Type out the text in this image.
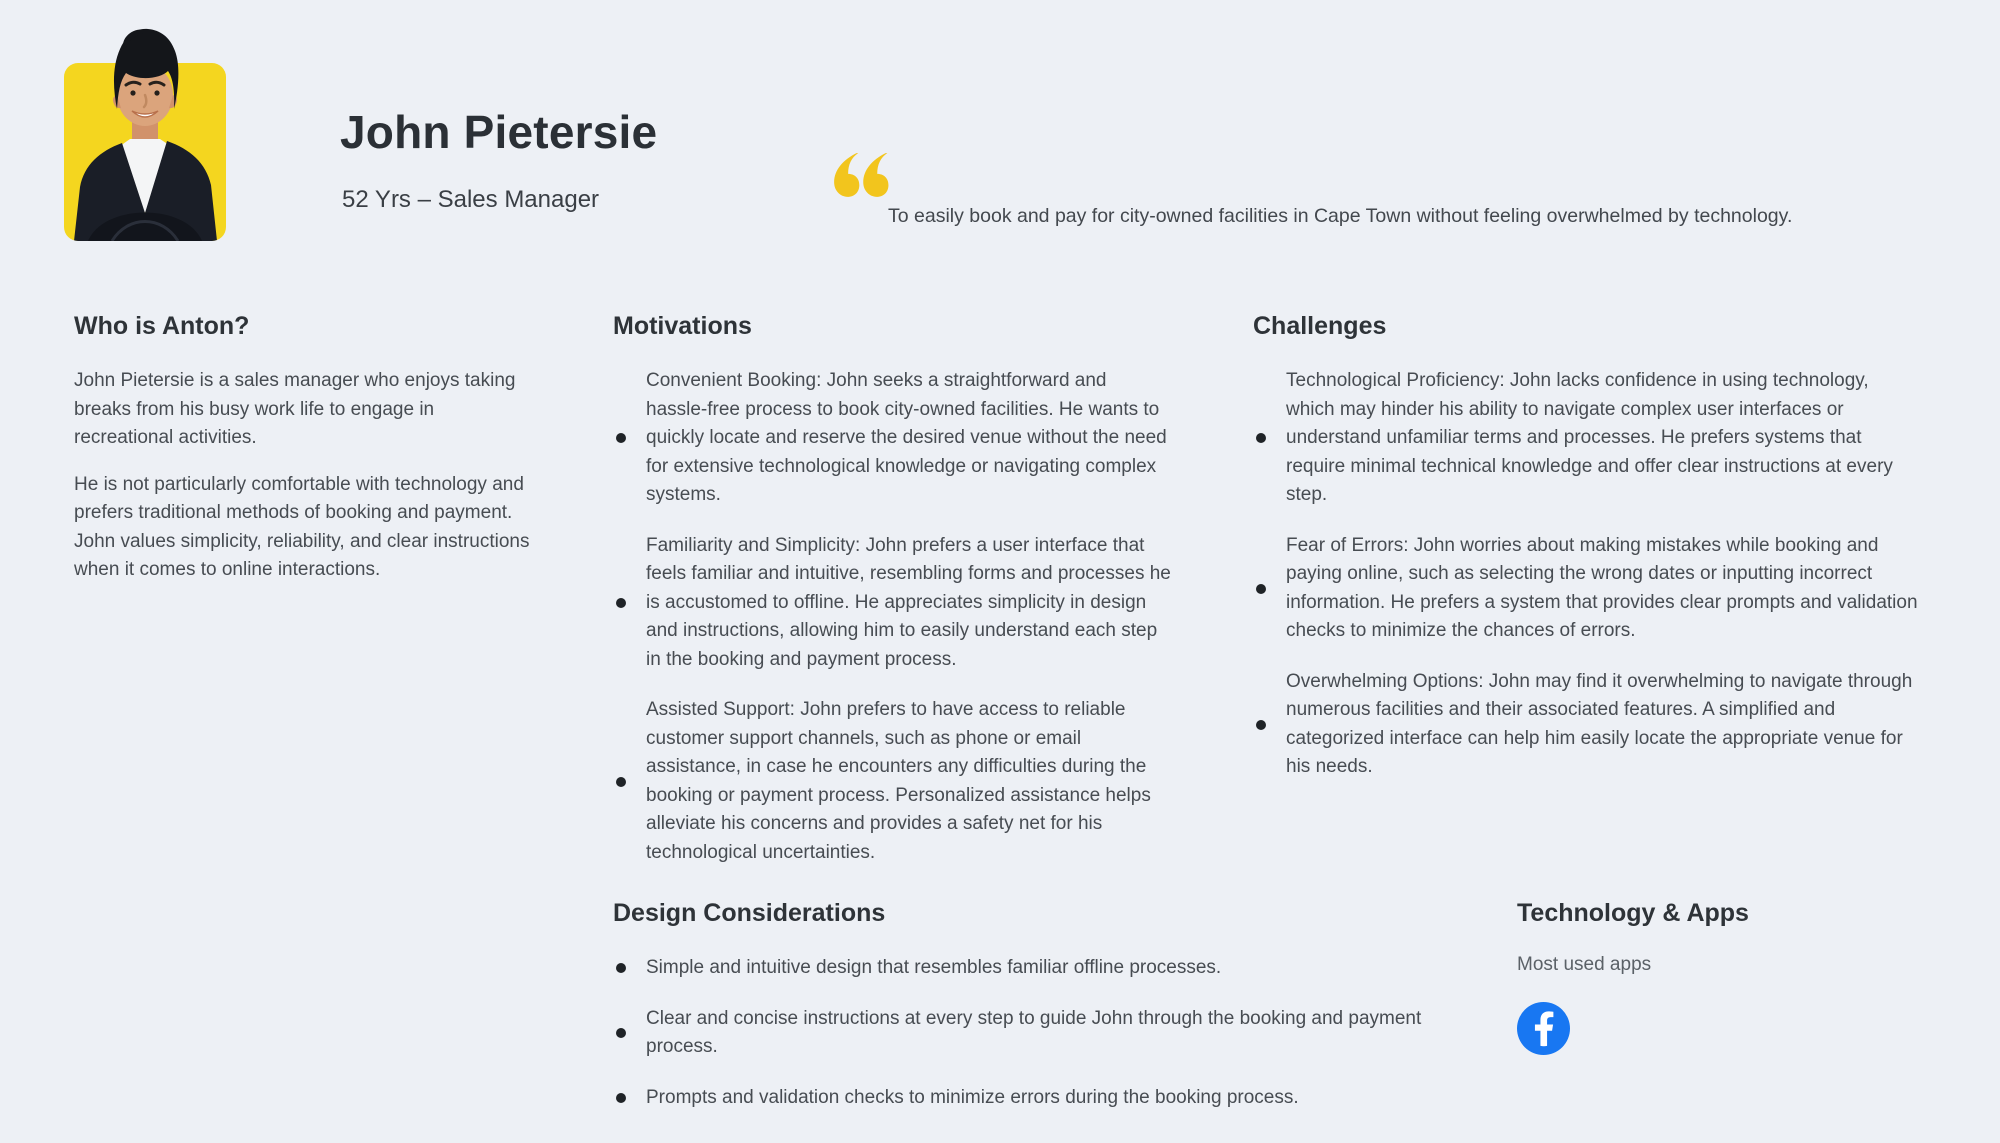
John Pietersie
52 Yrs – Sales Manager
To easily book and pay for city-owned facilities in Cape Town without feeling overwhelmed by technology.
Who is Anton?

John Pietersie is a sales manager who enjoys taking breaks from his busy work life to engage in recreational activities.

He is not particularly comfortable with technology and prefers traditional methods of booking and payment. John values simplicity, reliability, and clear instructions when it comes to online interactions.

Motivations
Convenient Booking: John seeks a straightforward and hassle-free process to book city-owned facilities. He wants to quickly locate and reserve the desired venue without the need for extensive technological knowledge or navigating complex systems.
Familiarity and Simplicity: John prefers a user interface that feels familiar and intuitive, resembling forms and processes he is accustomed to offline. He appreciates simplicity in design and instructions, allowing him to easily understand each step in the booking and payment process.
Assisted Support: John prefers to have access to reliable customer support channels, such as phone or email assistance, in case he encounters any difficulties during the booking or payment process. Personalized assistance helps alleviate his concerns and provides a safety net for his technological uncertainties.
Challenges
Technological Proficiency: John lacks confidence in using technology, which may hinder his ability to navigate complex user interfaces or understand unfamiliar terms and processes. He prefers systems that require minimal technical knowledge and offer clear instructions at every step.
Fear of Errors: John worries about making mistakes while booking and paying online, such as selecting the wrong dates or inputting incorrect information. He prefers a system that provides clear prompts and validation checks to minimize the chances of errors.
Overwhelming Options: John may find it overwhelming to navigate through numerous facilities and their associated features. A simplified and categorized interface can help him easily locate the appropriate venue for his needs.
Design Considerations
Simple and intuitive design that resembles familiar offline processes.
Clear and concise instructions at every step to guide John through the booking and payment process.
Prompts and validation checks to minimize errors during the booking process.
Technology & Apps
Most used apps
